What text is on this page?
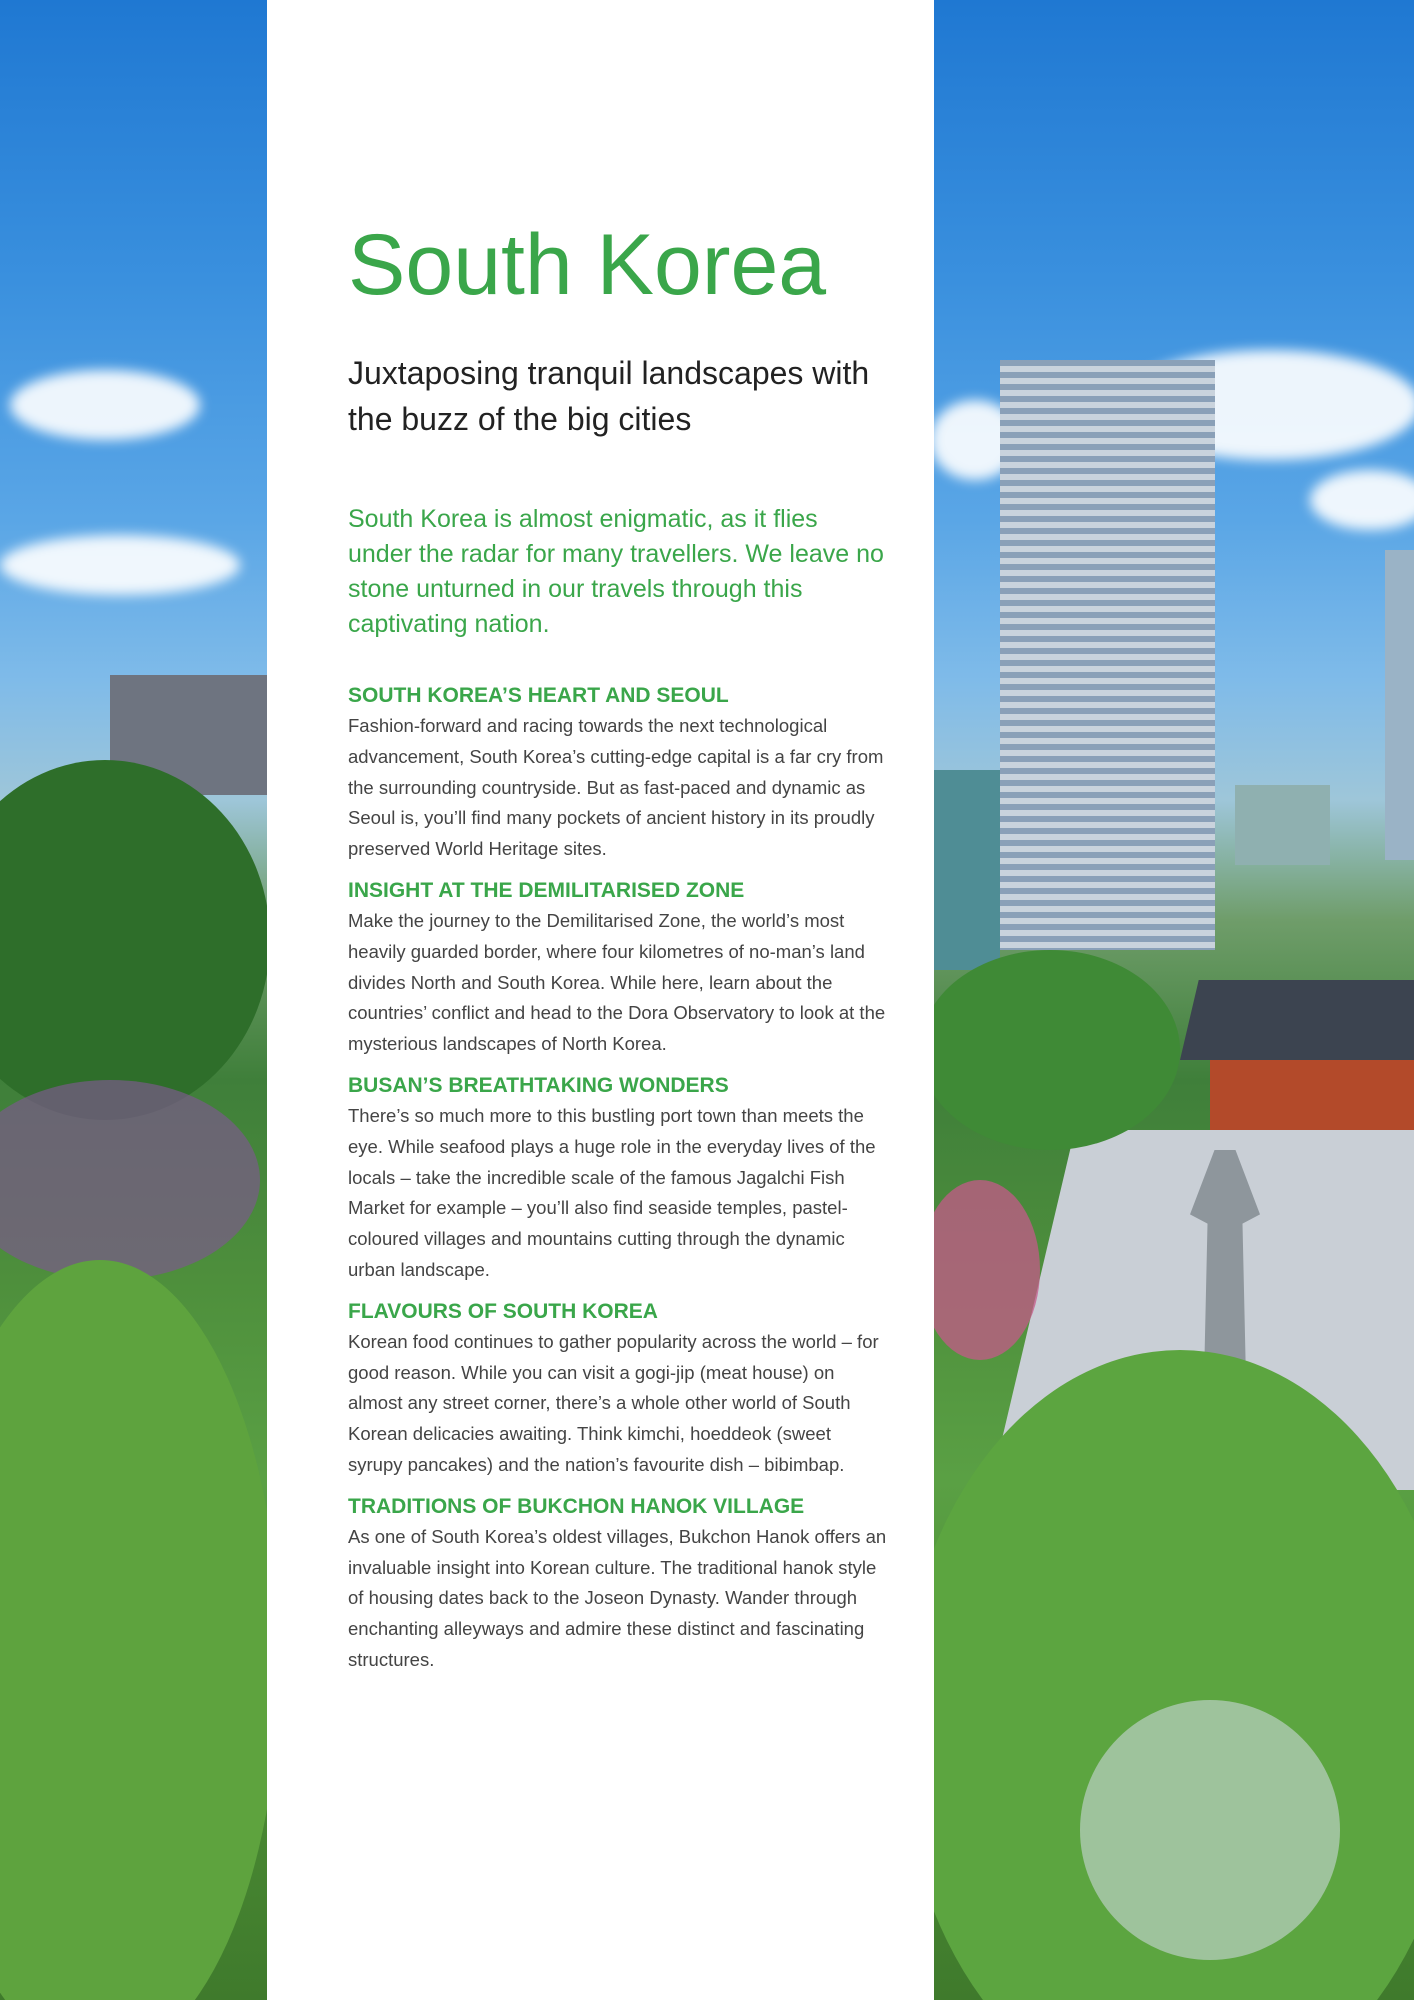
South Korea
Juxtaposing tranquil landscapes with the buzz of the big cities

South Korea is almost enigmatic, as it flies under the radar for many travellers. We leave no stone unturned in our travels through this captivating nation.

SOUTH KOREA’S HEART AND SEOUL

Fashion-forward and racing towards the next technological advancement, South Korea’s cutting-edge capital is a far cry from the surrounding countryside. But as fast-paced and dynamic as Seoul is, you’ll find many pockets of ancient history in its proudly preserved World Heritage sites.

INSIGHT AT THE DEMILITARISED ZONE

Make the journey to the Demilitarised Zone, the world’s most heavily guarded border, where four kilometres of no-man’s land divides North and South Korea. While here, learn about the countries’ conflict and head to the Dora Observatory to look at the mysterious landscapes of North Korea.

BUSAN’S BREATHTAKING WONDERS

There’s so much more to this bustling port town than meets the eye. While seafood plays a huge role in the everyday lives of the locals – take the incredible scale of the famous Jagalchi Fish Market for example – you’ll also find seaside temples, pastel-coloured villages and mountains cutting through the dynamic urban landscape.

FLAVOURS OF SOUTH KOREA

Korean food continues to gather popularity across the world – for good reason. While you can visit a gogi-jip (meat house) on almost any street corner, there’s a whole other world of South Korean delicacies awaiting. Think kimchi, hoeddeok (sweet syrupy pancakes) and the nation’s favourite dish – bibimbap.

TRADITIONS OF BUKCHON HANOK VILLAGE

As one of South Korea’s oldest villages, Bukchon Hanok offers an invaluable insight into Korean culture. The traditional hanok style of housing dates back to the Joseon Dynasty. Wander through enchanting alleyways and admire these distinct and fascinating structures.
